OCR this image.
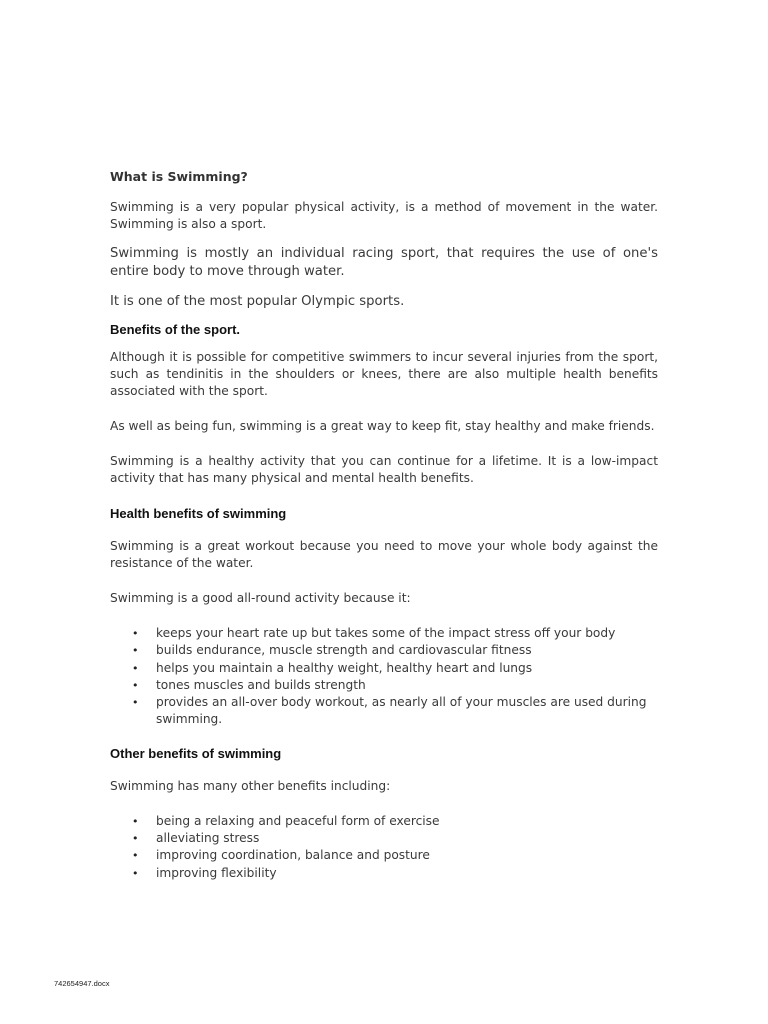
What is Swimming?

Swimming is a very popular physical activity, is a method of movement in the water. Swimming is also a sport.

Swimming is mostly an individual racing sport, that requires the use of one's entire body to move through water.

It is one of the most popular Olympic sports.

Benefits of the sport.

Although it is possible for competitive swimmers to incur several injuries from the sport, such as tendinitis in the shoulders or knees, there are also multiple health benefits associated with the sport.

As well as being fun, swimming is a great way to keep fit, stay healthy and make friends.

Swimming is a healthy activity that you can continue for a lifetime. It is a low-impact activity that has many physical and mental health benefits.

Health benefits of swimming

Swimming is a great workout because you need to move your whole body against the resistance of the water.

Swimming is a good all-round activity because it:

• keeps your heart rate up but takes some of the impact stress off your body
• builds endurance, muscle strength and cardiovascular fitness
• helps you maintain a healthy weight, healthy heart and lungs
• tones muscles and builds strength
• provides an all-over body workout, as nearly all of your muscles are used during swimming.
Other benefits of swimming

Swimming has many other benefits including:

• being a relaxing and peaceful form of exercise
• alleviating stress
• improving coordination, balance and posture
• improving flexibility
742654947.docx
